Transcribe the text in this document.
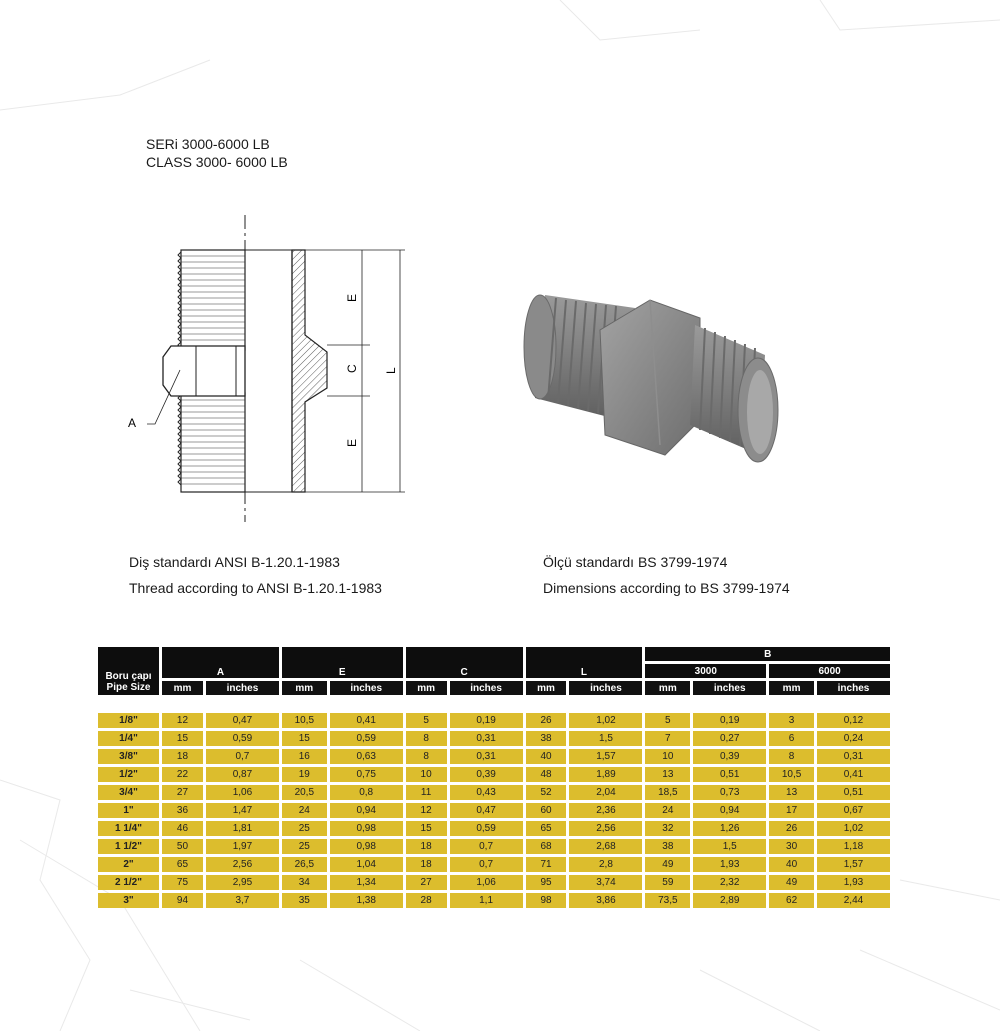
SERi 3000-6000 LB
CLASS 3000- 6000 LB
E
C
E
L
A
Diş standardı ANSI B-1.20.1-1983
Thread according to ANSI B-1.20.1-1983
Ölçü standardı BS 3799-1974
Dimensions according to BS 3799-1974
Boru çapı
Pipe Size	A		E		C		L		B			
									3000		6000	
	mm	inches	mm	inches	mm	inches	mm	inches	mm	inches	mm	inches

1/8"	12	0,47	10,5	0,41	5	0,19	26	1,02	5	0,19	3	0,12
1/4"	15	0,59	15	0,59	8	0,31	38	1,5	7	0,27	6	0,24
3/8"	18	0,7	16	0,63	8	0,31	40	1,57	10	0,39	8	0,31
1/2"	22	0,87	19	0,75	10	0,39	48	1,89	13	0,51	10,5	0,41
3/4"	27	1,06	20,5	0,8	11	0,43	52	2,04	18,5	0,73	13	0,51
1"	36	1,47	24	0,94	12	0,47	60	2,36	24	0,94	17	0,67
1 1/4"	46	1,81	25	0,98	15	0,59	65	2,56	32	1,26	26	1,02
1 1/2"	50	1,97	25	0,98	18	0,7	68	2,68	38	1,5	30	1,18
2"	65	2,56	26,5	1,04	18	0,7	71	2,8	49	1,93	40	1,57
2 1/2"	75	2,95	34	1,34	27	1,06	95	3,74	59	2,32	49	1,93
3"	94	3,7	35	1,38	28	1,1	98	3,86	73,5	2,89	62	2,44
